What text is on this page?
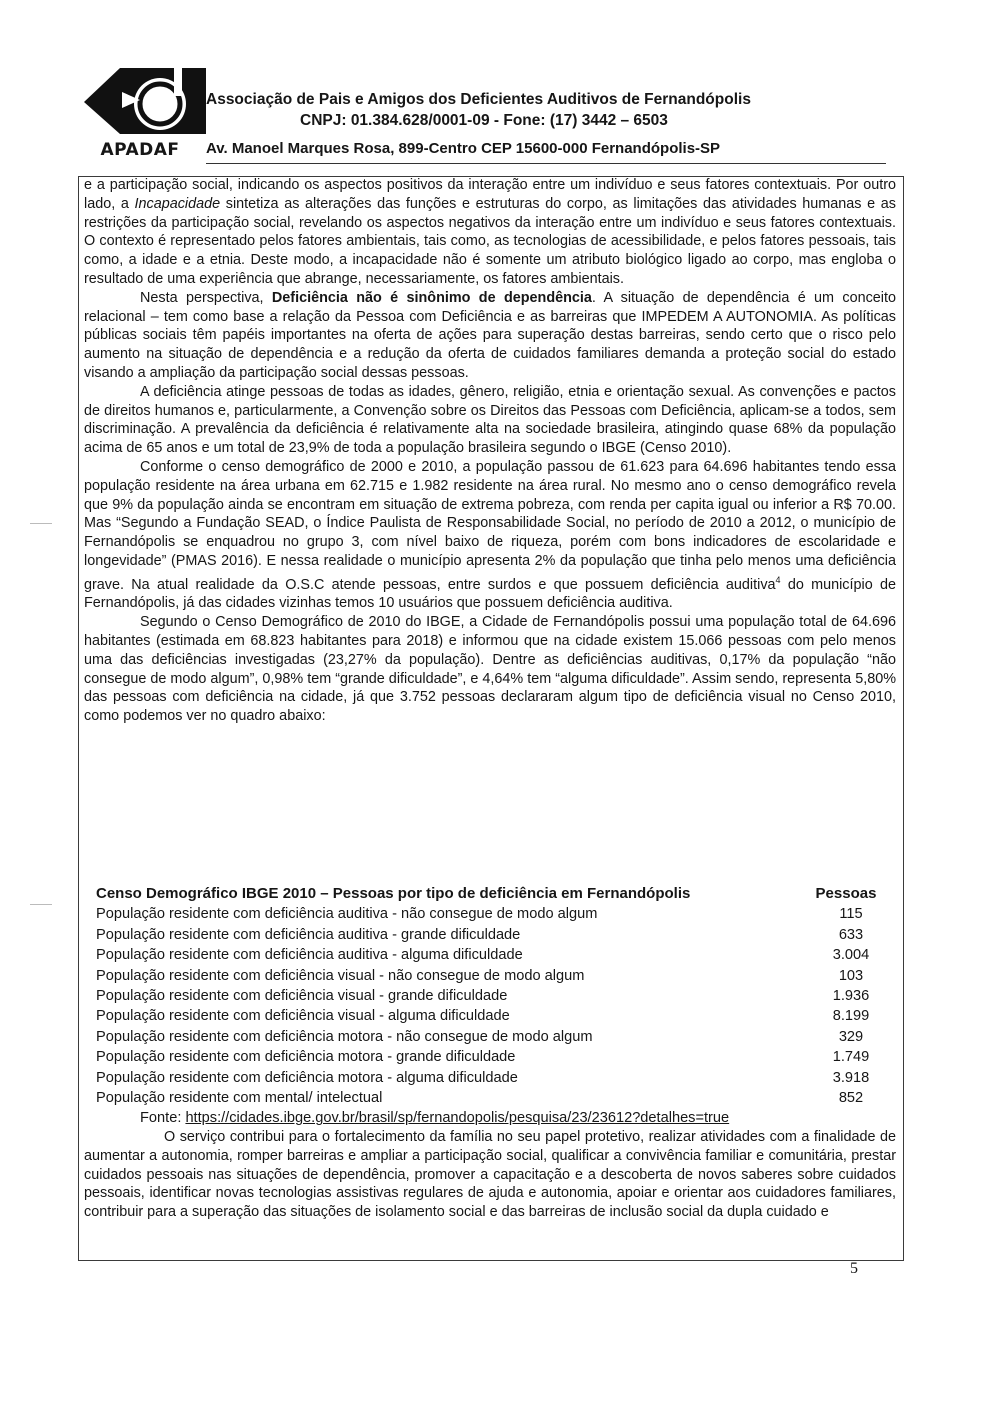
APADAF
Associação de Pais e Amigos dos Deficientes Auditivos de Fernandópolis
CNPJ: 01.384.628/0001-09 - Fone: (17) 3442 – 6503
Av. Manoel Marques Rosa, 899-Centro CEP 15600-000 Fernandópolis-SP

e a participação social, indicando os aspectos positivos da interação entre um indivíduo e seus fatores contextuais. Por outro lado, a Incapacidade sintetiza as alterações das funções e estruturas do corpo, as limitações das atividades humanas e as restrições da participação social, revelando os aspectos negativos da interação entre um indivíduo e seus fatores contextuais. O contexto é representado pelos fatores ambientais, tais como, as tecnologias de acessibilidade, e pelos fatores pessoais, tais como, a idade e a etnia. Deste modo, a incapacidade não é somente um atributo biológico ligado ao corpo, mas engloba o resultado de uma experiência que abrange, necessariamente, os fatores ambientais.

Nesta perspectiva, Deficiência não é sinônimo de dependência. A situação de dependência é um conceito relacional – tem como base a relação da Pessoa com Deficiência e as barreiras que IMPEDEM A AUTONOMIA. As políticas públicas sociais têm papéis importantes na oferta de ações para superação destas barreiras, sendo certo que o risco pelo aumento na situação de dependência e a redução da oferta de cuidados familiares demanda a proteção social do estado visando a ampliação da participação social dessas pessoas.

A deficiência atinge pessoas de todas as idades, gênero, religião, etnia e orientação sexual. As convenções e pactos de direitos humanos e, particularmente, a Convenção sobre os Direitos das Pessoas com Deficiência, aplicam-se a todos, sem discriminação. A prevalência da deficiência é relativamente alta na sociedade brasileira, atingindo quase 68% da população acima de 65 anos e um total de 23,9% de toda a população brasileira segundo o IBGE (Censo 2010).

Conforme o censo demográfico de 2000 e 2010, a população passou de 61.623 para 64.696 habitantes tendo essa população residente na área urbana em 62.715 e 1.982 residente na área rural. No mesmo ano o censo demográfico revela que 9% da população ainda se encontram em situação de extrema pobreza, com renda per capita igual ou inferior a R$ 70.00. Mas “Segundo a Fundação SEAD, o Índice Paulista de Responsabilidade Social, no período de 2010 a 2012, o município de Fernandópolis se enquadrou no grupo 3, com nível baixo de riqueza, porém com bons indicadores de escolaridade e longevidade” (PMAS 2016). E nessa realidade o município apresenta 2% da população que tinha pelo menos uma deficiência grave. Na atual realidade da O.S.C atende pessoas, entre surdos e que possuem deficiência auditiva$^4$ do município de Fernandópolis, já das cidades vizinhas temos 10 usuários que possuem deficiência auditiva.

Segundo o Censo Demográfico de 2010 do IBGE, a Cidade de Fernandópolis possui uma população total de 64.696 habitantes (estimada em 68.823 habitantes para 2018) e informou que na cidade existem 15.066 pessoas com pelo menos uma das deficiências investigadas (23,27% da população). Dentre as deficiências auditivas, 0,17% da população “não consegue de modo algum”, 0,98% tem “grande dificuldade”, e 4,64% tem “alguma dificuldade”. Assim sendo, representa 5,80% das pessoas com deficiência na cidade, já que 3.752 pessoas declararam algum tipo de deficiência visual no Censo 2010, como podemos ver no quadro abaixo:

Censo Demográfico IBGE 2010 – Pessoas por tipo de deficiência em Fernandópolis	Pessoas
População residente com deficiência auditiva - não consegue de modo algum	115
População residente com deficiência auditiva - grande dificuldade	633
População residente com deficiência auditiva - alguma dificuldade	3.004
População residente com deficiência visual - não consegue de modo algum	103
População residente com deficiência visual - grande dificuldade	1.936
População residente com deficiência visual - alguma dificuldade	8.199
População residente com deficiência motora - não consegue de modo algum	329
População residente com deficiência motora - grande dificuldade	1.749
População residente com deficiência motora - alguma dificuldade	3.918
População residente com mental/ intelectual	852
Fonte: https://cidades.ibge.gov.br/brasil/sp/fernandopolis/pesquisa/23/23612?detalhes=true

O serviço contribui para o fortalecimento da família no seu papel protetivo, realizar atividades com a finalidade de aumentar a autonomia, romper barreiras e ampliar a participação social, qualificar a convivência familiar e comunitária, prestar cuidados pessoais nas situações de dependência, promover a capacitação e a descoberta de novos saberes sobre cuidados pessoais, identificar novas tecnologias assistivas regulares de ajuda e autonomia, apoiar e orientar aos cuidadores familiares, contribuir para a superação das situações de isolamento social e das barreiras de inclusão social da dupla cuidado e

5
